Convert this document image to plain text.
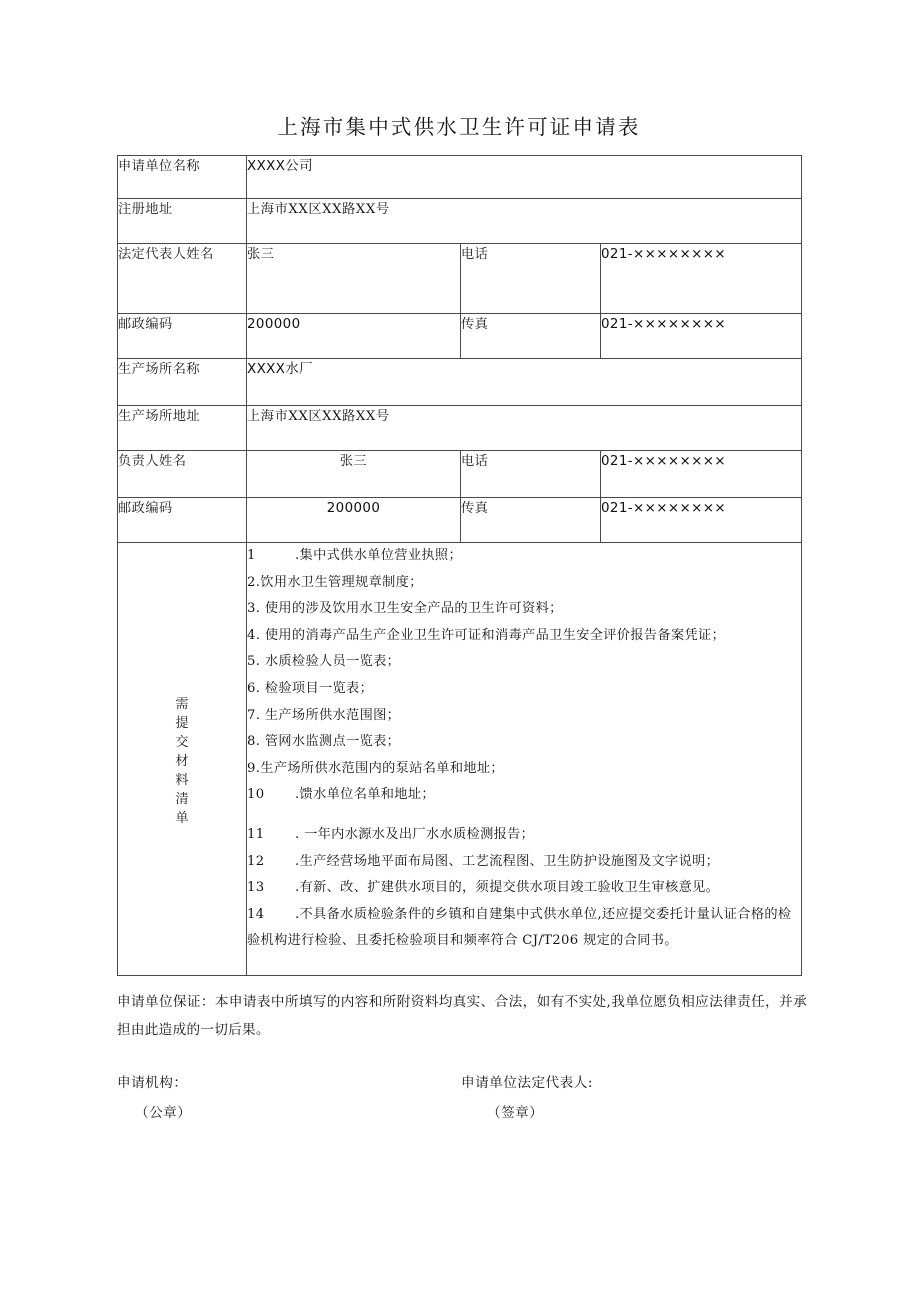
上海市集中式供水卫生许可证申请表
申请单位名称	XXXX公司		
注册地址	上海市XX区XX路XX号		
法定代表人姓名	张三	电话	021-××××××××
邮政编码	200000	传真	021-××××××××
生产场所名称	XXXX水厂		
生产场所地址	上海市XX区XX路XX号		
负责人姓名	张三	电话	021-××××××××
邮政编码	200000	传真	021-××××××××

需
提
交
材
料
清
单

1	.集中式供水单位营业执照；
2.饮用水卫生管理规章制度；
3. 使用的涉及饮用水卫生安全产品的卫生许可资料；
4. 使用的消毒产品生产企业卫生许可证和消毒产品卫生安全评价报告备案凭证；
5. 水质检验人员一览表；
6. 检验项目一览表；
7. 生产场所供水范围图；
8. 管网水监测点一览表；
9.生产场所供水范围内的泵站名单和地址；
10 .馈水单位名单和地址；
11 . 一年内水源水及出厂水水质检测报告；
12 .生产经营场地平面布局图、工艺流程图、卫生防护设施图及文字说明；
13 .有新、改、扩建供水项目的，须提交供水项目竣工验收卫生审核意见。
14 .不具备水质检验条件的乡镇和自建集中式供水单位,还应提交委托计量认证合格的检验机构进行检验、且委托检验项目和频率符合 CJ/T206 规定的合同书。
申请单位保证：本申请表中所填写的内容和所附资料均真实、合法，如有不实处,我单位愿负相应法律责任，并承担由此造成的一切后果。
申请机构：
（公章）
申请单位法定代表人:
（签章）
